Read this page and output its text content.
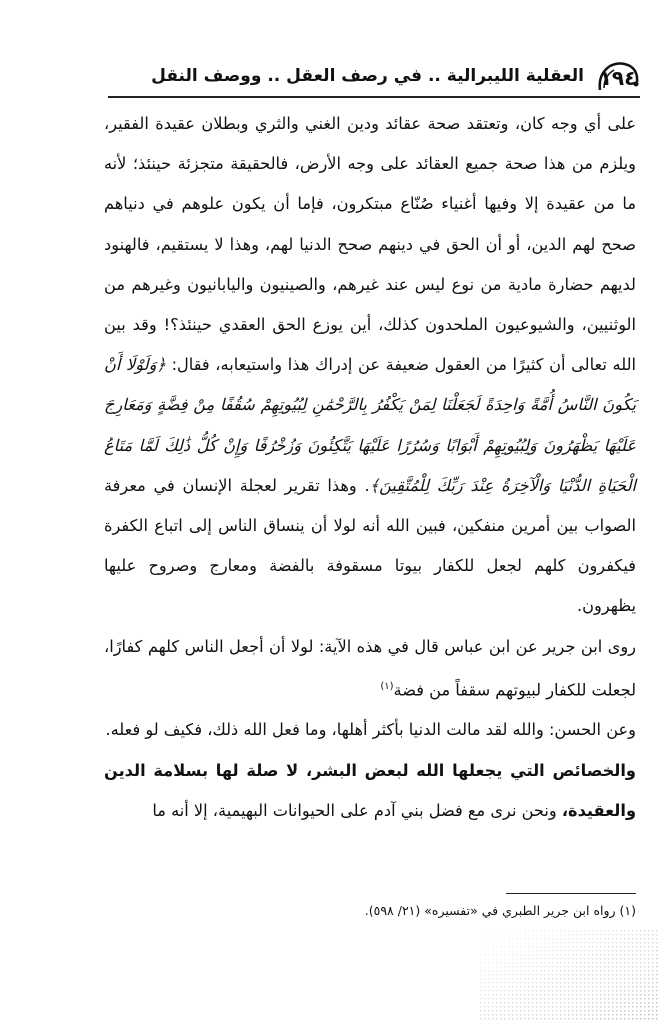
١٩٤
العقلية الليبرالية .. في رصف العقل .. ووصف النقل

على أي وجه كان، وتعتقد صحة عقائد ودين الغني والثري وبطلان عقيدة الفقير، ويلزم من هذا صحة جميع العقائد على وجه الأرض، فالحقيقة متجزئة حينئذ؛ لأنه ما من عقيدة إلا وفيها أغنياء صُنّاع مبتكرون، فإما أن يكون علوهم في دنياهم صحح لهم الدين، أو أن الحق في دينهم صحح الدنيا لهم، وهذا لا يستقيم، فالهنود لديهم حضارة مادية من نوع ليس عند غيرهم، والصينيون واليابانيون وغيرهم من الوثنيين، والشيوعيون الملحدون كذلك، أين يوزع الحق العقدي حينئذ؟! وقد بين الله تعالى أن كثيرًا من العقول ضعيفة عن إدراك هذا واستيعابه، فقال: ﴿وَلَوْلَا أَنْ يَكُونَ النَّاسُ أُمَّةً وَاحِدَةً لَجَعَلْنَا لِمَنْ يَكْفُرُ بِالرَّحْمَٰنِ لِبُيُوتِهِمْ سُقُفًا مِنْ فِضَّةٍ وَمَعَارِجَ عَلَيْهَا يَظْهَرُونَ وَلِبُيُوتِهِمْ أَبْوَابًا وَسُرُرًا عَلَيْهَا يَتَّكِئُونَ وَزُخْرُفًا وَإِنْ كُلُّ ذَٰلِكَ لَمَّا مَتَاعُ الْحَيَاةِ الدُّنْيَا وَالْآخِرَةُ عِنْدَ رَبِّكَ لِلْمُتَّقِينَ﴾. وهذا تقرير لعجلة الإنسان في معرفة الصواب بين أمرين منفكين، فبين الله أنه لولا أن ينساق الناس إلى اتباع الكفرة فيكفرون كلهم لجعل للكفار بيوتا مسقوفة بالفضة ومعارج وصروح عليها يظهرون.

روى ابن جرير عن ابن عباس قال في هذه الآية: لولا أن أجعل الناس كلهم كفارًا، لجعلت للكفار لبيوتهم سقفاً من فضة$^{(١)}$

وعن الحسن: والله لقد مالت الدنيا بأكثر أهلها، وما فعل الله ذلك، فكيف لو فعله.

والخصائص التي يجعلها الله لبعض البشر، لا صلة لها بسلامة الدين والعقيدة، ونحن نرى مع فضل بني آدم على الحيوانات البهيمية، إلا أنه ما

(١) رواه ابن جرير الطبري في «تفسيره» (٢١/ ٥٩٨).
